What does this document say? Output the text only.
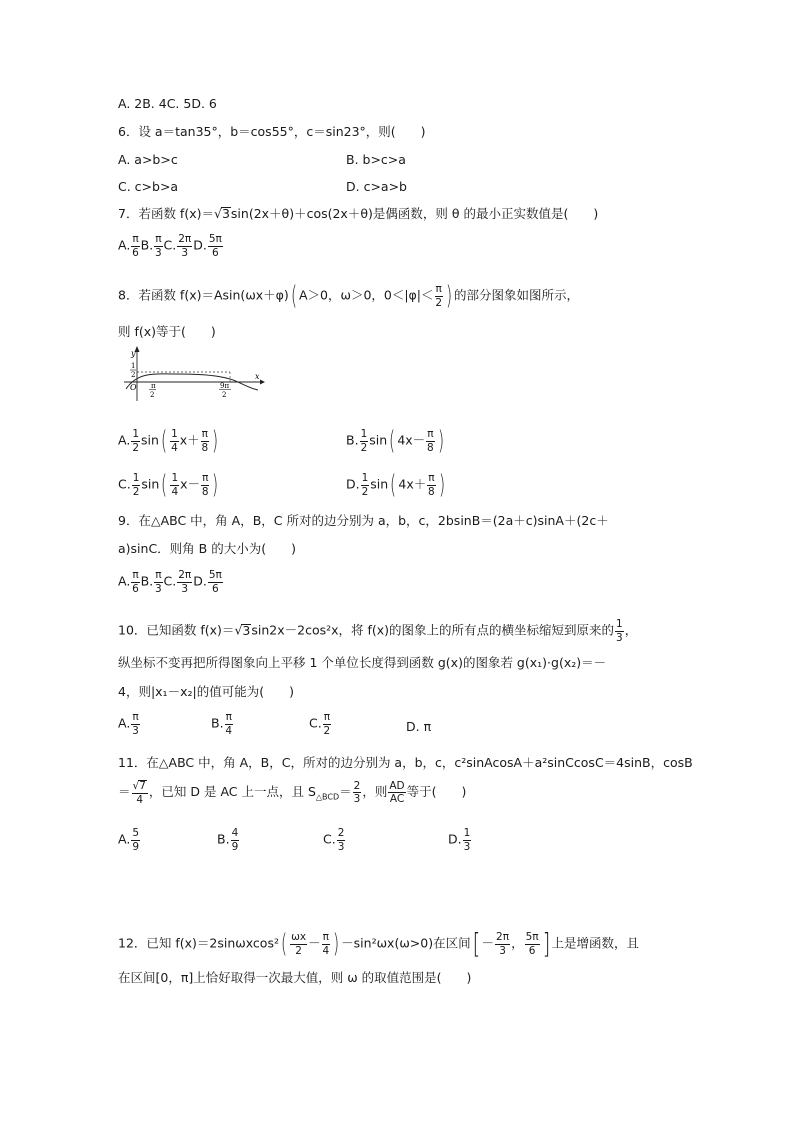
A. 2B. 4C. 5D. 6
6．设 a＝tan35°，b＝cos55°，c＝sin23°，则(　　)
A. a>b>c	B. b>c>a
C. c>b>a	D. c>a>b
7．若函数 f(x)＝√3sin(2x＋θ)＋cos(2x＋θ)是偶函数，则 θ 的最小正实数值是(　　)
A. $\frac{\pi}{6} B$. $\frac{\pi}{3} C$. $\frac{2\pi}{3} D$. $\frac{5\pi}{6}$
8．若函数 f(x)＝Asin(ωx＋φ)( A＞0，ω＞0，$0<|\varphi|< \frac{\pi}{2}$ ) 的部分图象如图所示，
则 f(x)等于(　　)
y
x
O
1
2
π
2
9π
2
A. $\frac{1}{2} \sin( \frac{1}{4} x+ \frac{\pi}{8}$ )	B. $\frac{1}{2} \sin$( $4x- \frac{\pi}{8}$ )
C. $\frac{1}{2} \sin( \frac{1}{4} x- \frac{\pi}{8}$ )	D. $\frac{1}{2} \sin$( $4x+ \frac{\pi}{8}$ )
9．在△ABC 中，角 A，B，C 所对的边分别为 a，b，c，2bsinB＝(2a＋c)sinA＋(2c＋
a)sinC．则角 B 的大小为(　　)
A. $\frac{\pi}{6} B$. $\frac{\pi}{3} C$. $\frac{2\pi}{3} D$. $\frac{5\pi}{6}$
10．已知函数 f(x)＝√3sin2x－2cos²x，将 f(x)的图象上的所有点的横坐标缩短到原来的 $\frac{1}{3}$ ，
纵坐标不变再把所得图象向上平移 1 个单位长度得到函数 g(x)的图象若 g(x₁)·g(x₂)＝－
4，则|x₁－x₂|的值可能为(　　)
A. $\frac{\pi}{3}$	B. $\frac{\pi}{4}$	C. $\frac{\pi}{2}$	D. π
11．在△ABC 中，角 A，B，C，所对的边分别为 a，b，c，c²sinAcosA＋a²sinCcosC＝4sinB，cosB
＝ $\frac{√7}{4}$ ，已知 D 是 AC 上一点，且 $S_{\triangle BCD}= \frac{2}{3}$ ，则 $\frac{AD}{AC}$ 等于(　　)
A. $\frac{5}{9}$	B. $\frac{4}{9}$	C. $\frac{2}{3}$	D. $\frac{1}{3}$
12．已知 $f(x)=2\sin\omega xcos^2( \frac{\omega x}{2} - \frac{\pi}{4}$ ) －sin²ωx(ω>0)在区间[ － $\frac{2\pi}{3}$ ， $\frac{5\pi}{6}$ ] 上是增函数，且
在区间[0，π]上恰好取得一次最大值，则 ω 的取值范围是(　　)
